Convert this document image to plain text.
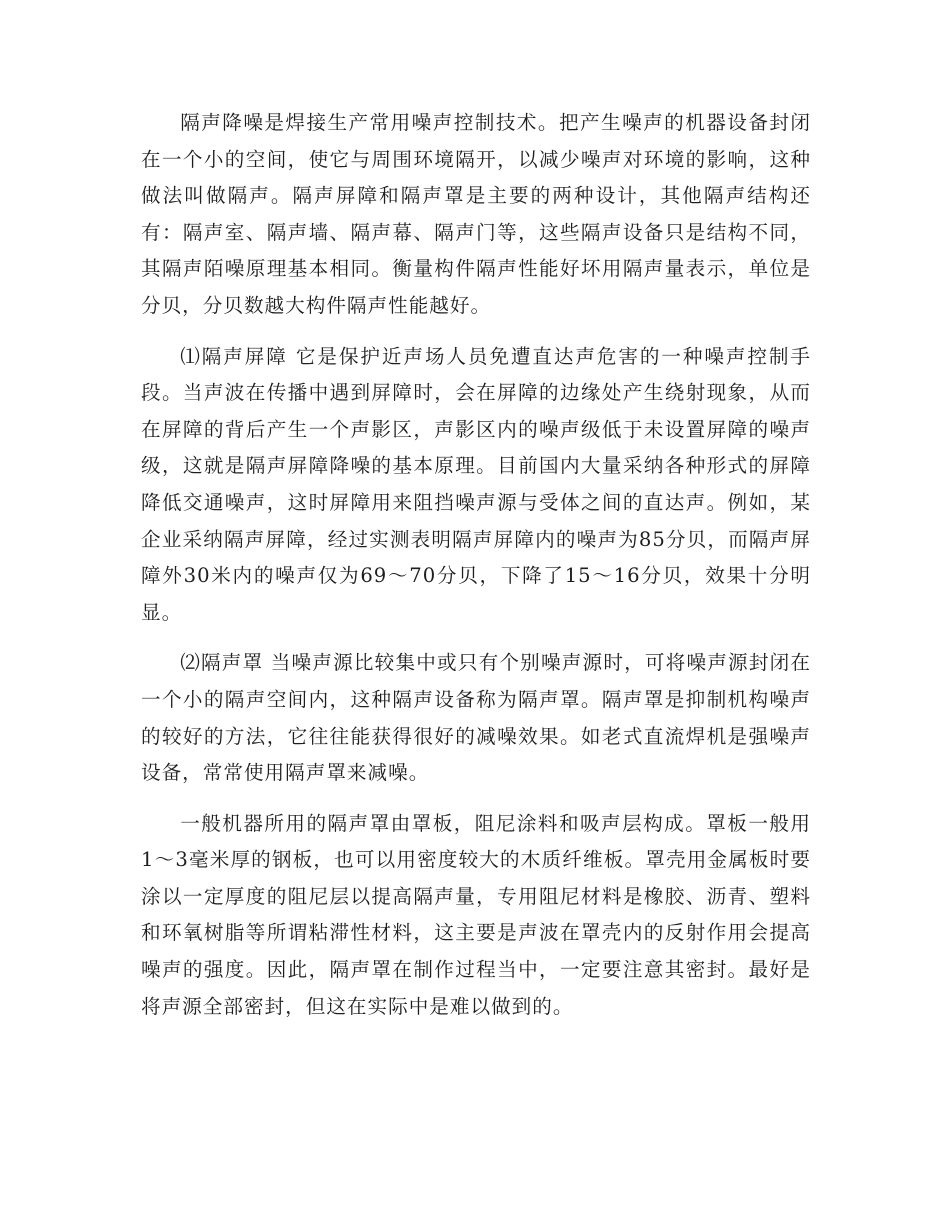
隔声降噪是焊接生产常用噪声控制技术。把产生噪声的机器设备封闭在一个小的空间，使它与周围环境隔开，以减少噪声对环境的影响，这种做法叫做隔声。隔声屏障和隔声罩是主要的两种设计，其他隔声结构还有：隔声室、隔声墙、隔声幕、隔声门等，这些隔声设备只是结构不同，其隔声陌噪原理基本相同。衡量构件隔声性能好坏用隔声量表示，单位是分贝，分贝数越大构件隔声性能越好。

⑴隔声屏障 它是保护近声场人员免遭直达声危害的一种噪声控制手段。当声波在传播中遇到屏障时，会在屏障的边缘处产生绕射现象，从而在屏障的背后产生一个声影区，声影区内的噪声级低于未设置屏障的噪声级，这就是隔声屏障降噪的基本原理。目前国内大量采纳各种形式的屏障降低交通噪声，这时屏障用来阻挡噪声源与受体之间的直达声。例如，某企业采纳隔声屏障，经过实测表明隔声屏障内的噪声为85分贝，而隔声屏障外30米内的噪声仅为69～70分贝，下降了15～16分贝，效果十分明显。

⑵隔声罩 当噪声源比较集中或只有个别噪声源时，可将噪声源封闭在一个小的隔声空间内，这种隔声设备称为隔声罩。隔声罩是抑制机构噪声的较好的方法，它往往能获得很好的减噪效果。如老式直流焊机是强噪声设备，常常使用隔声罩来减噪。

一般机器所用的隔声罩由罩板，阻尼涂料和吸声层构成。罩板一般用1～3毫米厚的钢板，也可以用密度较大的木质纤维板。罩壳用金属板时要涂以一定厚度的阻尼层以提高隔声量，专用阻尼材料是橡胶、沥青、塑料和环氧树脂等所谓粘滞性材料，这主要是声波在罩壳内的反射作用会提高噪声的强度。因此，隔声罩在制作过程当中，一定要注意其密封。最好是将声源全部密封，但这在实际中是难以做到的。
